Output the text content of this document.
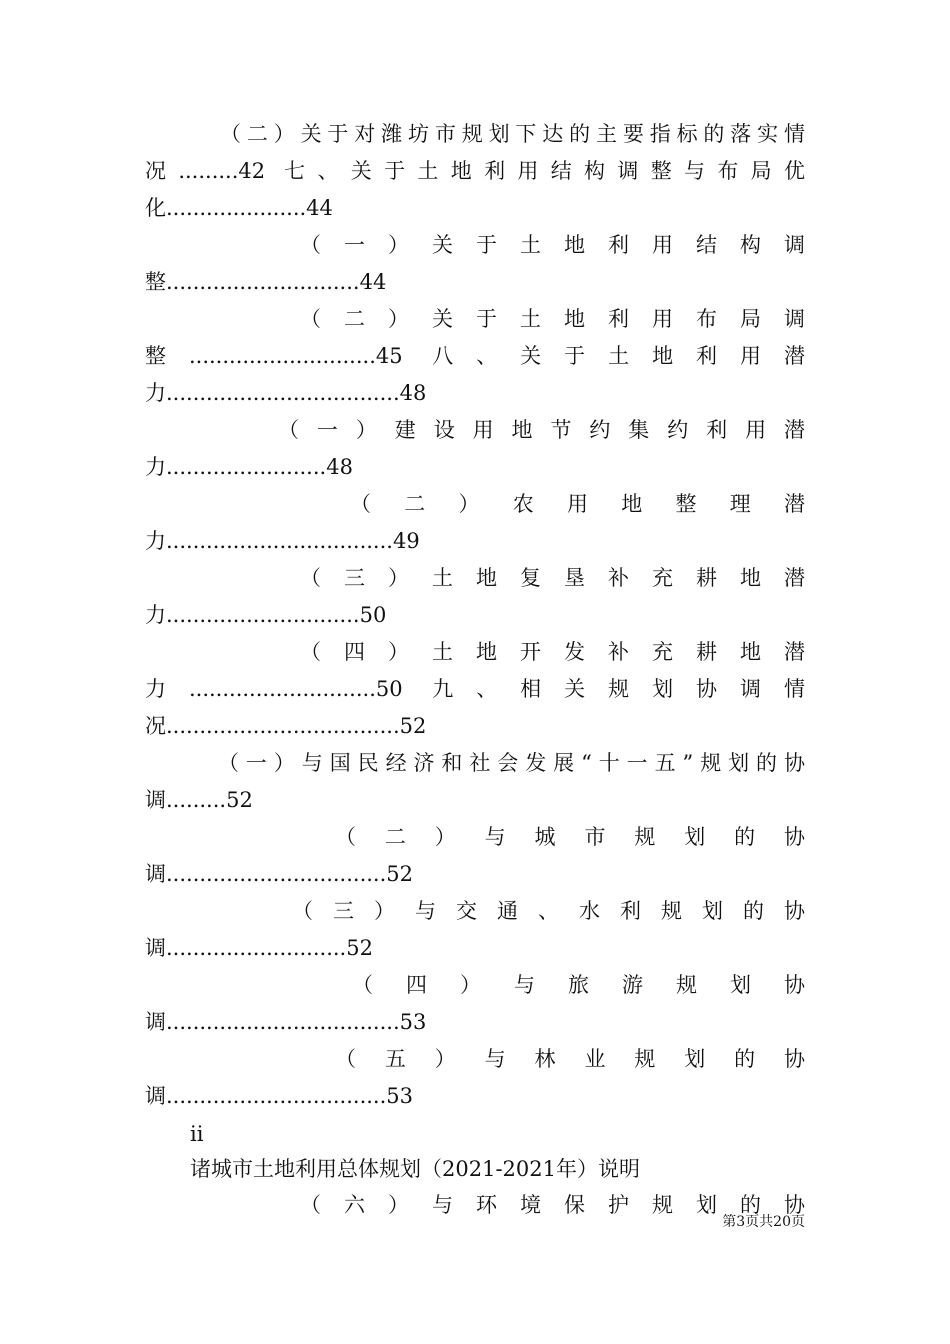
（二）关于对潍坊市规划下达的主要指标的落实情
况.........42 七、关于土地利用结构调整与布局优
化.....................44
（一）关于土地利用结构调
整.............................44
（二）关于土地利用布局调
整............................45 八、关于土地利用潜
力...................................48
（一）建设用地节约集约利用潜
力........................48
（二）农用地整理潜
力..................................49
（三）土地复垦补充耕地潜
力.............................50
（四）土地开发补充耕地潜
力............................50 九、相关规划协调情
况...................................52
（一）与国民经济和社会发展“十一五”规划的协
调.........52
（二）与城市规划的协
调.................................52
（三）与交通、水利规划的协
调...........................52
（四）与旅游规划协
调...................................53
（五）与林业规划的协
调.................................53
ii
诸城市土地利用总体规划（2021-2021年）说明
（六）与环境保护规划的协
第3页共20页
